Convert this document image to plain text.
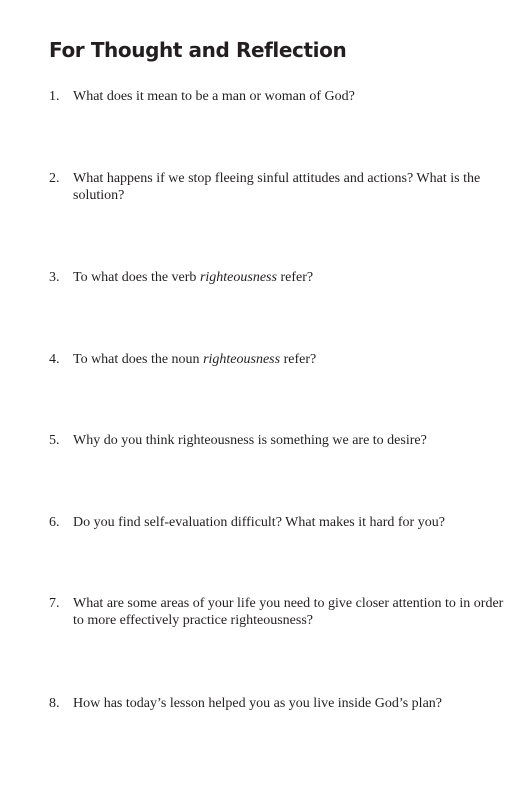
For Thought and Reflection
1. What does it mean to be a man or woman of God?
2. What happens if we stop fleeing sinful attitudes and actions? What is the solution?
3. To what does the verb righteousness refer?
4. To what does the noun righteousness refer?
5. Why do you think righteousness is something we are to desire?
6. Do you find self-evaluation difficult? What makes it hard for you?
7. What are some areas of your life you need to give closer attention to in order to more effectively practice righteousness?
8. How has today’s lesson helped you as you live inside God’s plan?
